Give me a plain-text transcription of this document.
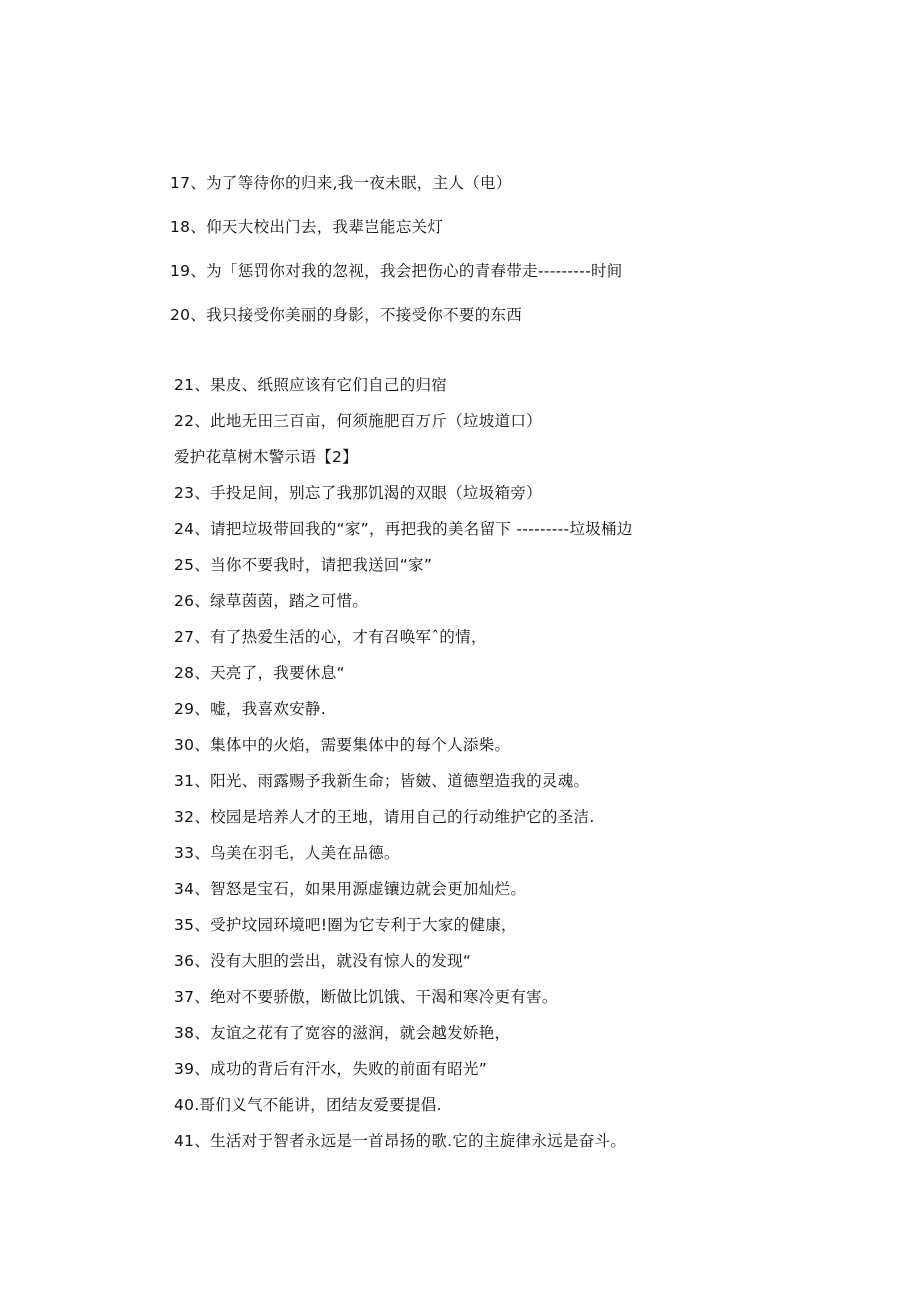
17、为了等待你的归来,我一夜未眠，主人（电）
18、仰天大校出门去，我辈岂能忘关灯
19、为「惩罚你对我的忽视，我会把伤心的青春带走---------时间
20、我只接受你美丽的身影，不接受你不要的东西
21、果皮、纸照应该有它们自己的归宿
22、此地无田三百亩，何须施肥百万斤（垃坡道口）
爱护花草树木警示语【2】
23、手投足间，别忘了我那饥渴的双眼（垃圾箱旁）
24、请把垃圾带回我的“家”，再把我的美名留下 ---------垃圾桶边
25、当你不要我时，请把我送回“家”
26、绿草茵茵，踏之可惜。
27、有了热爱生活的心，才有召唤军ˆ的情，
28、天亮了，我要休息“
29、嘘，我喜欢安静.
30、集体中的火焰，需要集体中的每个人添柴。
31、阳光、雨露赐予我新生命；皆皴、道德塑造我的灵魂。
32、校园是培养人才的王地，请用自己的行动维护它的圣洁.
33、鸟美在羽毛，人美在品德。
34、智怒是宝石，如果用源虚镶边就会更加灿烂。
35、受护坟园环境吧!圈为它专利于大家的健康，
36、没有大胆的尝出，就没有惊人的发现“
37、绝对不要骄傲，断做比饥饿、干渴和寒冷更有害。
38、友谊之花有了宽容的滋润，就会越发娇艳，
39、成功的背后有汗水，失败的前面有昭光”
40.哥们义气不能讲，团结友爱要提倡.
41、生活对于智者永远是一首昂扬的歌.它的主旋律永远是奋斗。
